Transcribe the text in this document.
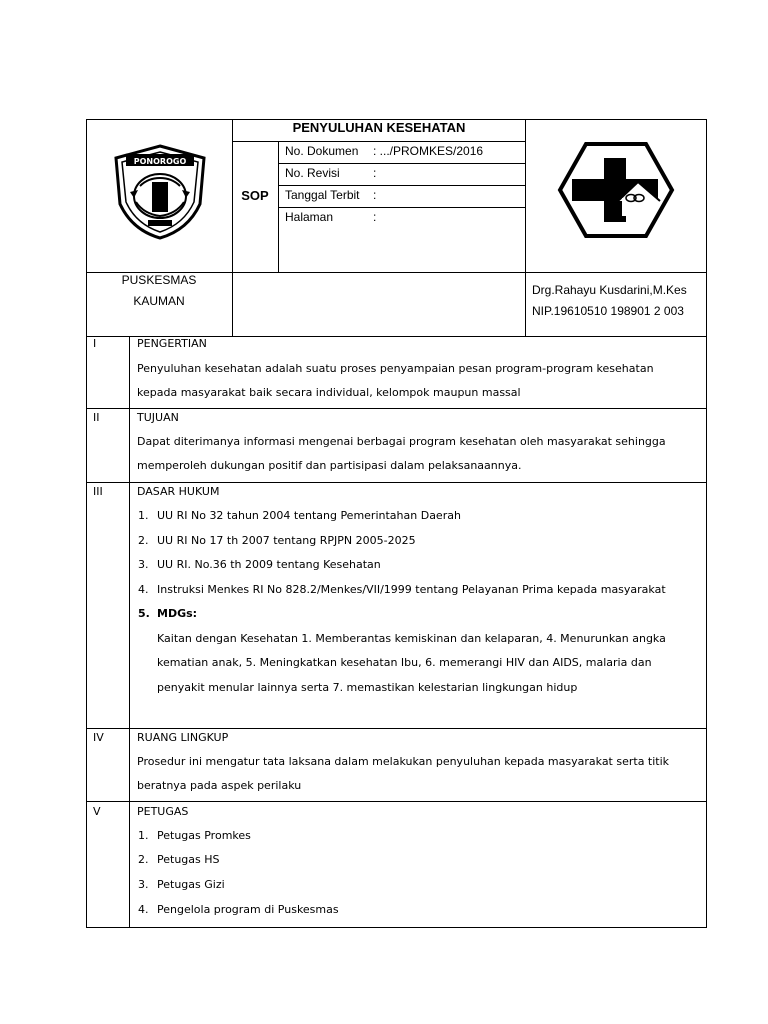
PONOROGO
PENYULUHAN KESEHATAN
SOP
No. Dokumen : .../PROMKES/2016
No. Revisi	:
Tanggal Terbit :
Halaman	:
PUSKESMAS
KAUMAN
Drg.Rahayu Kusdarini,M.Kes
NIP.19610510 198901 2 003
I	PENGERTIAN
Penyuluhan kesehatan adalah suatu proses penyampaian pesan program-program kesehatan
kepada masyarakat baik secara individual, kelompok maupun massal
II	TUJUAN
Dapat diterimanya informasi mengenai berbagai program kesehatan oleh masyarakat sehingga
memperoleh dukungan positif dan partisipasi dalam pelaksanaannya.
III	DASAR HUKUM
1. UU RI No 32 tahun 2004 tentang Pemerintahan Daerah
2. UU RI No 17 th 2007 tentang RPJPN 2005-2025
3. UU RI. No.36 th 2009 tentang Kesehatan
4. Instruksi Menkes RI No 828.2/Menkes/VII/1999 tentang Pelayanan Prima kepada masyarakat
5. MDGs:
Kaitan dengan Kesehatan 1. Memberantas kemiskinan dan kelaparan, 4. Menurunkan angka
kematian anak, 5. Meningkatkan kesehatan Ibu, 6. memerangi HIV dan AIDS, malaria dan
penyakit menular lainnya serta 7. memastikan kelestarian lingkungan hidup
IV	RUANG LINGKUP
Prosedur ini mengatur tata laksana dalam melakukan penyuluhan kepada masyarakat serta titik
beratnya pada aspek perilaku
V	PETUGAS
1. Petugas Promkes
2. Petugas HS
3. Petugas Gizi
4. Pengelola program di Puskesmas
